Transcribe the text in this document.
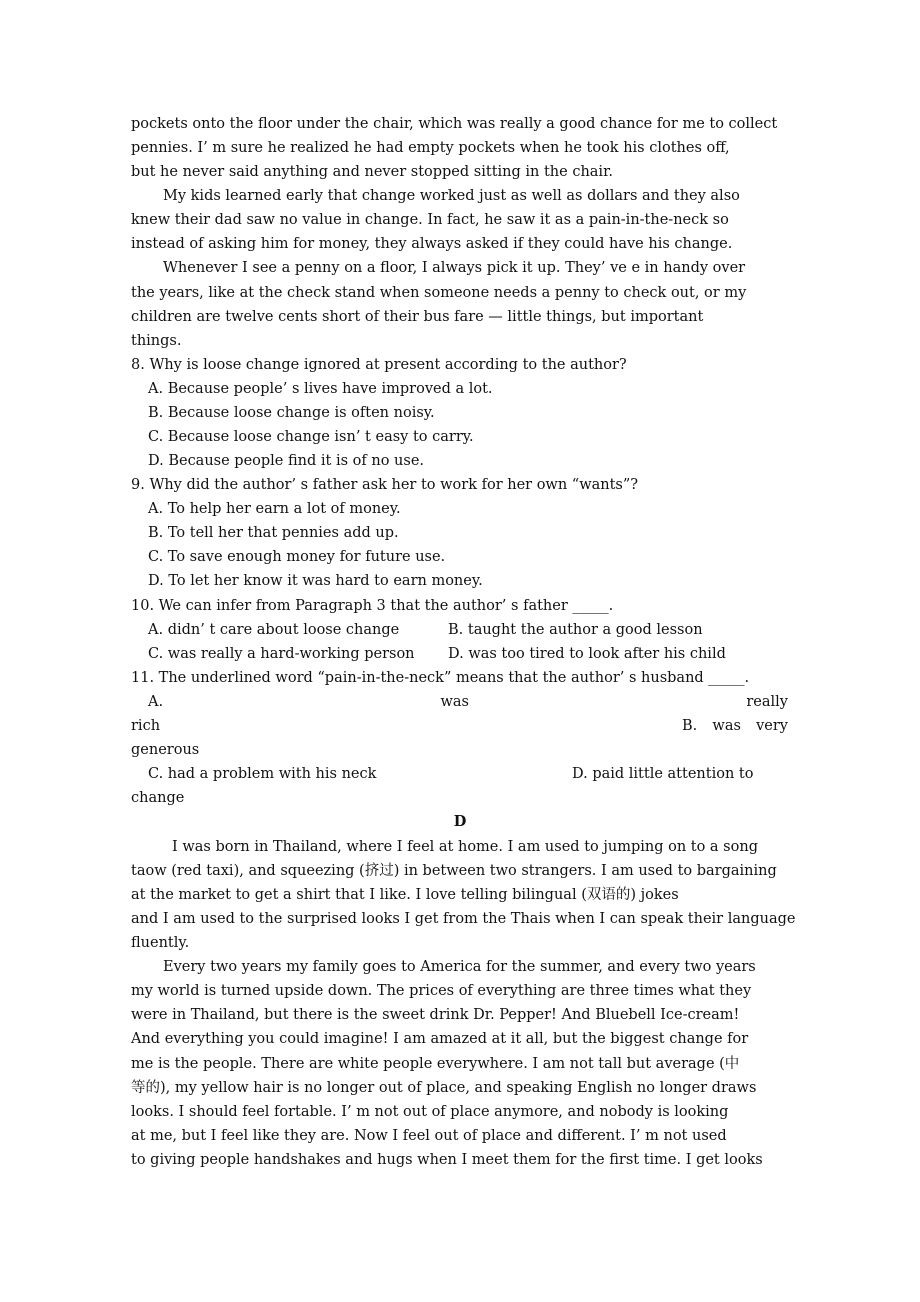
pockets onto the floor under the chair, which was really a good chance for me to collect
pennies. I’ m sure he realized he had empty pockets when he took his clothes off,
but he never said anything and never stopped sitting in the chair.
My kids learned early that change worked just as well as dollars and they also
knew their dad saw no value in change. In fact, he saw it as a pain-in-the-neck so
instead of asking him for money, they always asked if they could have his change.
Whenever I see a penny on a floor, I always pick it up. They’ ve e in handy over
the years, like at the check stand when someone needs a penny to check out, or my
children are twelve cents short of their bus fare — little things, but important
things.
8. Why is loose change ignored at present according to the author?
A. Because people’ s lives have improved a lot.
B. Because loose change is often noisy.
C. Because loose change isn’ t easy to carry.
D. Because people find it is of no use.
9. Why did the author’ s father ask her to work for her own “wants”?
A. To help her earn a lot of money.
B. To tell her that pennies add up.
C. To save enough money for future use.
D. To let her know it was hard to earn money.
10. We can infer from Paragraph 3 that the author’ s father _____.
A. didn’ t care about loose change	B. taught the author a good lesson
C. was really a hard-working person D. was too tired to look after his child
11. The underlined word “pain-in-the-neck” means that the author’ s husband _____.
A.	was	really
rich	B. was very
generous
C. had a problem with his neck	D. paid little attention to
change
D
I was born in Thailand, where I feel at home. I am used to jumping on to a song
taow (red taxi), and squeezing (挤过) in between two strangers. I am used to bargaining
at the market to get a shirt that I like. I love telling bilingual (双语的) jokes
and I am used to the surprised looks I get from the Thais when I can speak their language
fluently.
Every two years my family goes to America for the summer, and every two years
my world is turned upside down. The prices of everything are three times what they
were in Thailand, but there is the sweet drink Dr. Pepper! And Bluebell Ice-cream!
And everything you could imagine! I am amazed at it all, but the biggest change for
me is the people. There are white people everywhere. I am not tall but average (中
等的), my yellow hair is no longer out of place, and speaking English no longer draws
looks. I should feel fortable. I’ m not out of place anymore, and nobody is looking
at me, but I feel like they are. Now I feel out of place and different. I’ m not used
to giving people handshakes and hugs when I meet them for the first time. I get looks
